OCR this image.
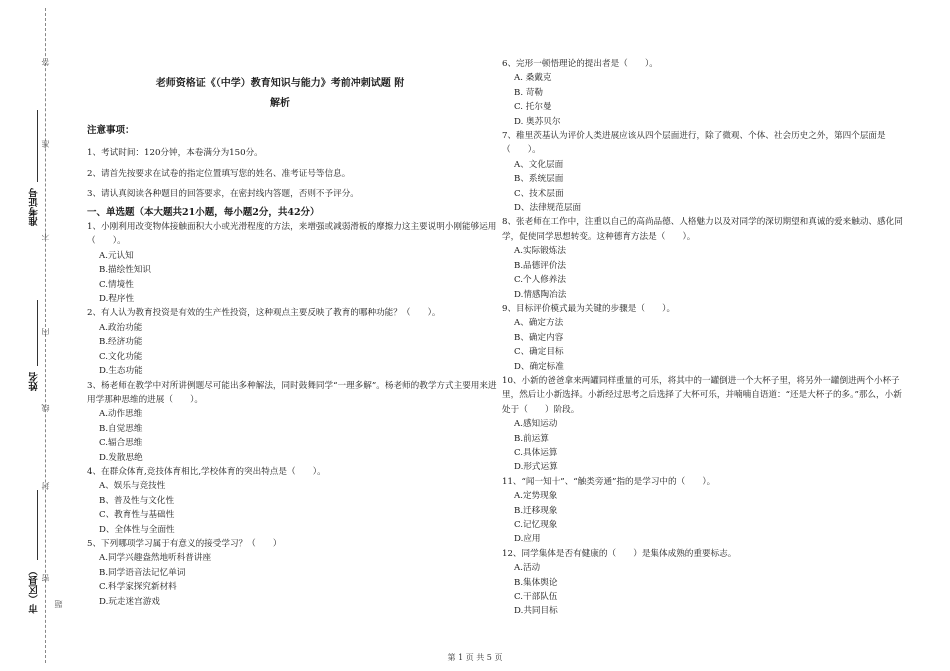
答
准
不
内
线
封
密
题
准考证号
姓名
市（区县）
老师资格证《（中学）教育知识与能力》考前冲刺试题 附
解析
注意事项：
1、考试时间：120分钟，本卷满分为150分。
2、请首先按要求在试卷的指定位置填写您的姓名、准考证号等信息。
3、请认真阅读各种题目的回答要求，在密封线内答题，否则不予评分。
一、单选题（本大题共21小题，每小题2分，共42分）
1、小刚利用改变物体接触面积大小或光滑程度的方法，来增强或减弱滑板的摩擦力这主要说明小刚能够运用（　　）。
A.元认知
B.描绘性知识
C.情境性
D.程序性
2、有人认为教育投资是有效的生产性投资，这种观点主要反映了教育的哪种功能？（　　）。
A.政治功能
B.经济功能
C.文化功能
D.生态功能
3、杨老师在教学中对所讲例题尽可能出多种解法，同时鼓舞同学“一理多解”。杨老师的教学方式主要用来进用学那种思维的进展（　　）。
A.动作思维
B.自觉思维
C.辐合思维
D.发散思绝
4、在群众体育,竞技体育相比,学校体育的突出特点是（　　）。
A、娱乐与竞技性
B、普及性与文化性
C、教育性与基础性
D、全体性与全面性
5、下列哪项学习属于有意义的接受学习？（　　）
A.同学兴趣盎然地听科普讲座
B.同学语音法记忆单词
C.科学家探究新材料
D.玩走迷宫游戏
6、完形一顿悟理论的提出者是（　　）。
A. 桑戴克
B. 苛勒
C. 托尔曼
D. 奥苏贝尔
7、稚里茨基认为评价人类进展应该从四个层面进行，除了微观、个体、社会历史之外，第四个层面是（　　）。
A、文化层面
B、系统层面
C、技术层面
D、法律规范层面
8、张老师在工作中，注重以自己的高尚品德、人格魅力以及对同学的深切期望和真诚的爱来触动、感化同学，促使同学思想转变。这种德育方法是（　　）。
A.实际锻炼法
B.品德评价法
C.个人修养法
D.情感陶冶法
9、目标评价模式最为关键的步骤是（　　）。
A、确定方法
B、确定内容
C、确定目标
D、确定标准
10、小新的爸爸拿来两罐同样重量的可乐，将其中的一罐倒进一个大杯子里，将另外一罐倒进两个小杯子里，然后让小新选择。小新经过思考之后选择了大杯可乐，并喃喃自语道：“还是大杯子的多。”那么，小新处于（　　）阶段。
A.感知运动
B.前运算
C.具体运算
D.形式运算
11、“闻一知十”、“触类旁通”指的是学习中的（　　）。
A.定势现象
B.迁移现象
C.记忆现象
D.应用
12、同学集体是否有健康的（　　）是集体成熟的重要标志。
A.活动
B.集体舆论
C.干部队伍
D.共同目标
第 1 页 共 5 页
